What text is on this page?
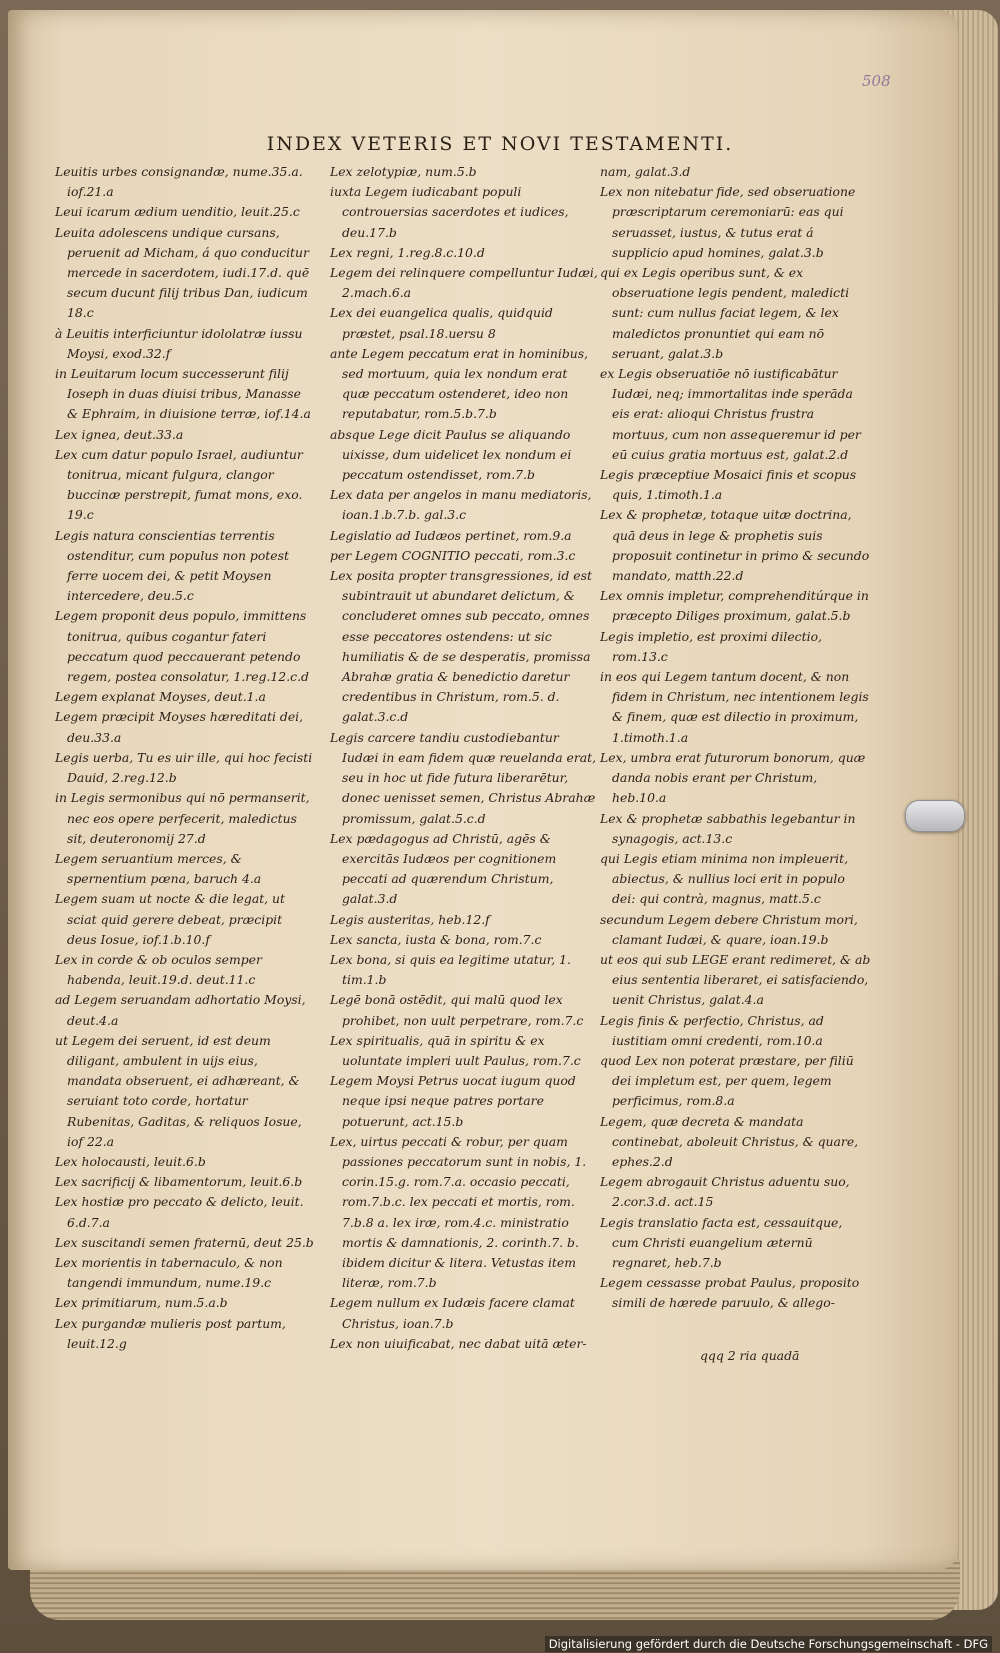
508
INDEX VETERIS ET NOVI TESTAMENTI.

Leuitis urbes consignandæ, nume.35.a. iof.21.a

Leui icarum ædium uenditio, leuit.25.c

Leuita adolescens undique cursans, peruenit ad Micham, á quo conducitur mercede in sacerdotem, iudi.17.d. quē secum ducunt filij tribus Dan, iudicum 18.c

à Leuitis interficiuntur idololatræ iussu Moysi, exod.32.f

in Leuitarum locum successerunt filij Ioseph in duas diuisi tribus, Manasse & Ephraim, in diuisione terræ, iof.14.a

Lex ignea, deut.33.a

Lex cum datur populo Israel, audiuntur tonitrua, micant fulgura, clangor buccinæ perstrepit, fumat mons, exo. 19.c

Legis natura conscientias terrentis ostenditur, cum populus non potest ferre uocem dei, & petit Moysen intercedere, deu.5.c

Legem proponit deus populo, immittens tonitrua, quibus cogantur fateri peccatum quod peccauerant petendo regem, postea consolatur, 1.reg.12.c.d

Legem explanat Moyses, deut.1.a

Legem præcipit Moyses hæreditati dei, deu.33.a

Legis uerba, Tu es uir ille, qui hoc fecisti Dauid, 2.reg.12.b

in Legis sermonibus qui nō permanserit, nec eos opere perfecerit, maledictus sit, deuteronomij 27.d

Legem seruantium merces, & spernentium pœna, baruch 4.a

Legem suam ut nocte & die legat, ut sciat quid gerere debeat, præcipit deus Iosue, iof.1.b.10.f

Lex in corde & ob oculos semper habenda, leuit.19.d. deut.11.c

ad Legem seruandam adhortatio Moysi, deut.4.a

ut Legem dei seruent, id est deum diligant, ambulent in uijs eius, mandata obseruent, ei adhæreant, & seruiant toto corde, hortatur Rubenitas, Gaditas, & reliquos Iosue, iof 22.a

Lex holocausti, leuit.6.b

Lex sacrificij & libamentorum, leuit.6.b

Lex hostiæ pro peccato & delicto, leuit. 6.d.7.a

Lex suscitandi semen fraternū, deut 25.b

Lex morientis in tabernaculo, & non tangendi immundum, nume.19.c

Lex primitiarum, num.5.a.b

Lex purgandæ mulieris post partum, leuit.12.g

Lex zelotypiæ, num.5.b

iuxta Legem iudicabant populi controuersias sacerdotes et iudices, deu.17.b

Lex regni, 1.reg.8.c.10.d

Legem dei relinquere compelluntur Iudæi, 2.mach.6.a

Lex dei euangelica qualis, quidquid præstet, psal.18.uersu 8

ante Legem peccatum erat in hominibus, sed mortuum, quia lex nondum erat quæ peccatum ostenderet, ideo non reputabatur, rom.5.b.7.b

absque Lege dicit Paulus se aliquando uixisse, dum uidelicet lex nondum ei peccatum ostendisset, rom.7.b

Lex data per angelos in manu mediatoris, ioan.1.b.7.b. gal.3.c

Legislatio ad Iudæos pertinet, rom.9.a

per Legem COGNITIO peccati, rom.3.c

Lex posita propter transgressiones, id est subintrauit ut abundaret delictum, & concluderet omnes sub peccato, omnes esse peccatores ostendens: ut sic humiliatis & de se desperatis, promissa Abrahæ gratia & benedictio daretur credentibus in Christum, rom.5. d. galat.3.c.d

Legis carcere tandiu custodiebantur Iudæi in eam fidem quæ reuelanda erat, seu in hoc ut fide futura liberarētur, donec uenisset semen, Christus Abrahæ promissum, galat.5.c.d

Lex pædagogus ad Christū, agēs & exercitās Iudæos per cognitionem peccati ad quærendum Christum, galat.3.d

Legis austeritas, heb.12.f

Lex sancta, iusta & bona, rom.7.c

Lex bona, si quis ea legitime utatur, 1. tim.1.b

Legē bonā ostēdit, qui malū quod lex prohibet, non uult perpetrare, rom.7.c

Lex spiritualis, quā in spiritu & ex uoluntate impleri uult Paulus, rom.7.c

Legem Moysi Petrus uocat iugum quod neque ipsi neque patres portare potuerunt, act.15.b

Lex, uirtus peccati & robur, per quam passiones peccatorum sunt in nobis, 1. corin.15.g. rom.7.a. occasio peccati, rom.7.b.c. lex peccati et mortis, rom. 7.b.8 a. lex iræ, rom.4.c. ministratio mortis & damnationis, 2. corinth.7. b. ibidem dicitur & litera. Vetustas item literæ, rom.7.b

Legem nullum ex Iudæis facere clamat Christus, ioan.7.b

Lex non uiuificabat, nec dabat uitā æter-

nam, galat.3.d

Lex non nitebatur fide, sed obseruatione præscriptarum ceremoniarū: eas qui seruasset, iustus, & tutus erat á supplicio apud homines, galat.3.b

qui ex Legis operibus sunt, & ex obseruatione legis pendent, maledicti sunt: cum nullus faciat legem, & lex maledictos pronuntiet qui eam nō seruant, galat.3.b

ex Legis obseruatiōe nō iustificabātur Iudæi, neq; immortalitas inde sperāda eis erat: alioqui Christus frustra mortuus, cum non assequeremur id per eū cuius gratia mortuus est, galat.2.d

Legis præceptiue Mosaici finis et scopus quis, 1.timoth.1.a

Lex & prophetæ, totaque uitæ doctrina, quā deus in lege & prophetis suis proposuit continetur in primo & secundo mandato, matth.22.d

Lex omnis impletur, comprehenditúrque in præcepto Diliges proximum, galat.5.b

Legis impletio, est proximi dilectio, rom.13.c

in eos qui Legem tantum docent, & non fidem in Christum, nec intentionem legis & finem, quæ est dilectio in proximum, 1.timoth.1.a

Lex, umbra erat futurorum bonorum, quæ danda nobis erant per Christum, heb.10.a

Lex & prophetæ sabbathis legebantur in synagogis, act.13.c

qui Legis etiam minima non impleuerit, abiectus, & nullius loci erit in populo dei: qui contrà, magnus, matt.5.c

secundum Legem debere Christum mori, clamant Iudæi, & quare, ioan.19.b

ut eos qui sub LEGE erant redimeret, & ab eius sententia liberaret, ei satisfaciendo, uenit Christus, galat.4.a

Legis finis & perfectio, Christus, ad iustitiam omni credenti, rom.10.a

quod Lex non poterat præstare, per filiū dei impletum est, per quem, legem perficimus, rom.8.a

Legem, quæ decreta & mandata continebat, aboleuit Christus, & quare, ephes.2.d

Legem abrogauit Christus aduentu suo, 2.cor.3.d. act.15

Legis translatio facta est, cessauitque, cum Christi euangelium æternū regnaret, heb.7.b

Legem cessasse probat Paulus, proposito simili de hærede paruulo, & allego-

qqq 2 ria quadā
Digitalisierung gefördert durch die Deutsche Forschungsgemeinschaft - DFG
